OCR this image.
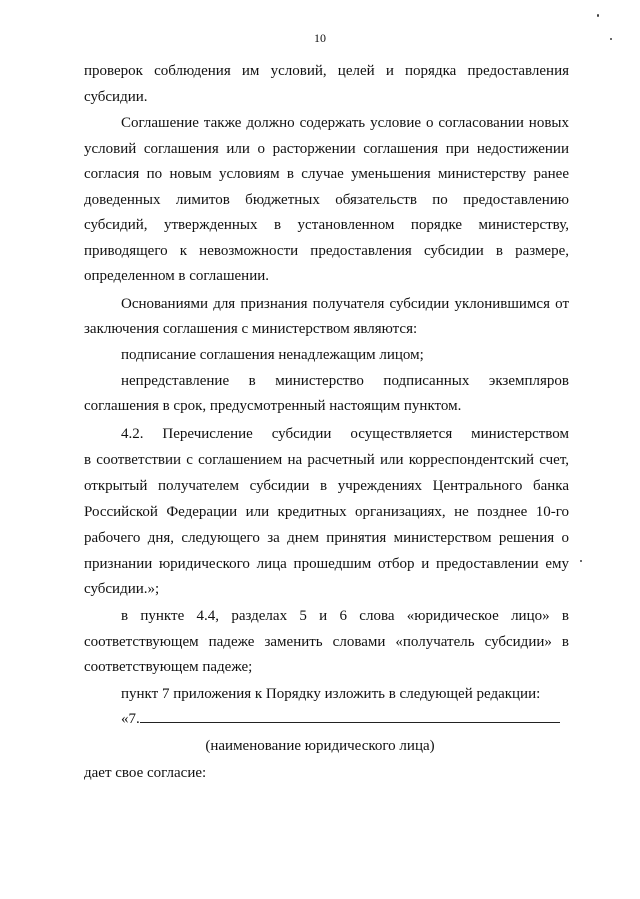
10
проверок соблюдения им условий, целей и порядка предоставления
субсидии.
Соглашение также должно содержать условие о согласовании новых
условий соглашения или о расторжении соглашения при недостижении
согласия по новым условиям в случае уменьшения министерству ранее
доведенных лимитов бюджетных обязательств по предоставлению
субсидий, утвержденных в установленном порядке министерству,
приводящего к невозможности предоставления субсидии в размере,
определенном в соглашении.
Основаниями для признания получателя субсидии уклонившимся от
заключения соглашения с министерством являются:
подписание соглашения ненадлежащим лицом;
непредставление в министерство подписанных экземпляров
соглашения в срок, предусмотренный настоящим пунктом.
4.2. Перечисление субсидии осуществляется министерством
в соответствии с соглашением на расчетный или корреспондентский счет,
открытый получателем субсидии в учреждениях Центрального банка
Российской Федерации или кредитных организациях, не позднее 10-го
рабочего дня, следующего за днем принятия министерством решения о
признании юридического лица прошедшим отбор и предоставлении ему
субсидии.»;
в пункте 4.4, разделах 5 и 6 слова «юридическое лицо» в
соответствующем падеже заменить словами «получатель субсидии» в
соответствующем падеже;
пункт 7 приложения к Порядку изложить в следующей редакции:
«7.
(наименование юридического лица)
дает свое согласие:
